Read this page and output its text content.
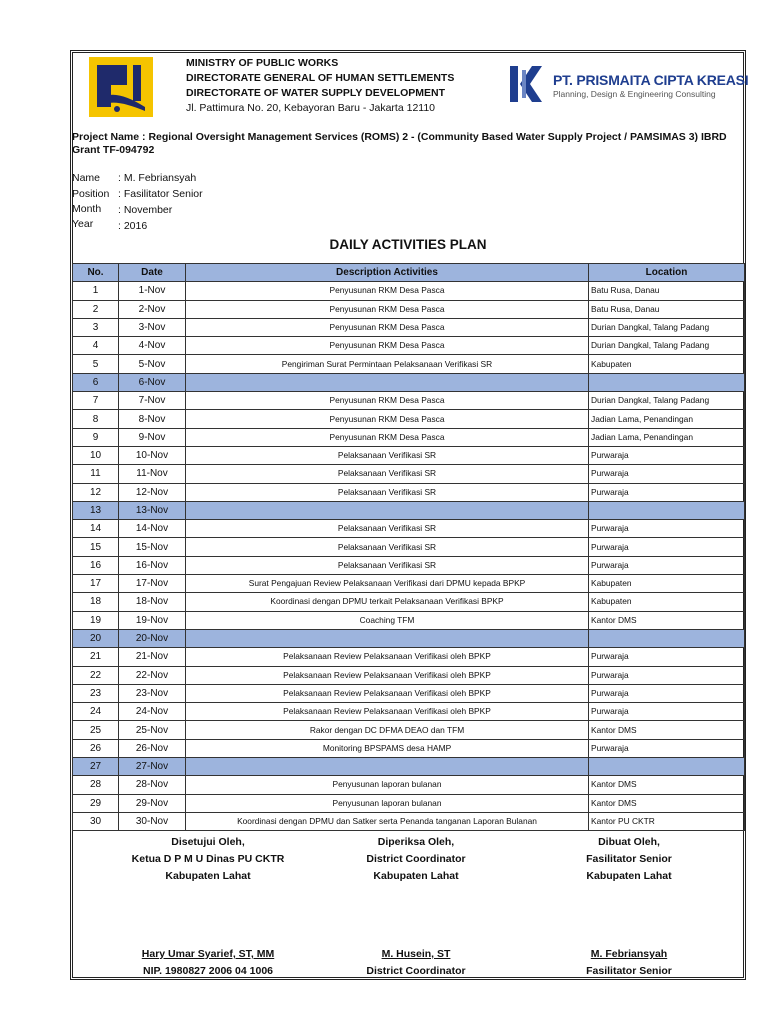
MINISTRY OF PUBLIC WORKS
DIRECTORATE GENERAL OF HUMAN SETTLEMENTS
DIRECTORATE OF WATER SUPPLY DEVELOPMENT
Jl. Pattimura No. 20, Kebayoran Baru - Jakarta 12110
PT. PRISMAITA CIPTA KREASI
Planning, Design & Engineering Consulting
Project Name : Regional Oversight Management Services (ROMS) 2 - (Community Based Water Supply Project / PAMSIMAS 3) IBRD Grant TF-094792
Name	: M. Febriansyah
Position : Fasilitator Senior
Month	: November
Year	: 2016
DAILY ACTIVITIES PLAN
No.	Date	Description Activities	Location
1	1-Nov	Penyusunan RKM Desa Pasca	Batu Rusa, Danau
2	2-Nov	Penyusunan RKM Desa Pasca	Batu Rusa, Danau
3	3-Nov	Penyusunan RKM Desa Pasca	Durian Dangkal, Talang Padang
4	4-Nov	Penyusunan RKM Desa Pasca	Durian Dangkal, Talang Padang
5	5-Nov	Pengiriman Surat Permintaan Pelaksanaan Verifikasi SR	Kabupaten
6	6-Nov		
7	7-Nov	Penyusunan RKM Desa Pasca	Durian Dangkal, Talang Padang
8	8-Nov	Penyusunan RKM Desa Pasca	Jadian Lama, Penandingan
9	9-Nov	Penyusunan RKM Desa Pasca	Jadian Lama, Penandingan
10	10-Nov	Pelaksanaan Verifikasi SR	Purwaraja
11	11-Nov	Pelaksanaan Verifikasi SR	Purwaraja
12	12-Nov	Pelaksanaan Verifikasi SR	Purwaraja
13	13-Nov		
14	14-Nov	Pelaksanaan Verifikasi SR	Purwaraja
15	15-Nov	Pelaksanaan Verifikasi SR	Purwaraja
16	16-Nov	Pelaksanaan Verifikasi SR	Purwaraja
17	17-Nov	Surat Pengajuan Review Pelaksanaan Verifikasi dari DPMU kepada BPKP	Kabupaten
18	18-Nov	Koordinasi dengan DPMU terkait Pelaksanaan Verifikasi BPKP	Kabupaten
19	19-Nov	Coaching TFM	Kantor DMS
20	20-Nov		
21	21-Nov	Pelaksanaan Review Pelaksanaan Verifikasi oleh BPKP	Purwaraja
22	22-Nov	Pelaksanaan Review Pelaksanaan Verifikasi oleh BPKP	Purwaraja
23	23-Nov	Pelaksanaan Review Pelaksanaan Verifikasi oleh BPKP	Purwaraja
24	24-Nov	Pelaksanaan Review Pelaksanaan Verifikasi oleh BPKP	Purwaraja
25	25-Nov	Rakor dengan DC DFMA DEAO dan TFM	Kantor DMS
26	26-Nov	Monitoring BPSPAMS desa HAMP	Purwaraja
27	27-Nov		
28	28-Nov	Penyusunan laporan bulanan	Kantor DMS
29	29-Nov	Penyusunan laporan bulanan	Kantor DMS
30	30-Nov	Koordinasi dengan DPMU dan Satker serta Penanda tanganan Laporan Bulanan	Kantor PU CKTR
Disetujui Oleh,
Ketua D P M U Dinas PU CKTR
Kabupaten Lahat
Hary Umar Syarief, ST, MM
NIP. 1980827 2006 04 1006
Diperiksa Oleh,
District Coordinator
Kabupaten Lahat
M. Husein, ST
District Coordinator
Dibuat Oleh,
Fasilitator Senior
Kabupaten Lahat
M. Febriansyah
Fasilitator Senior
